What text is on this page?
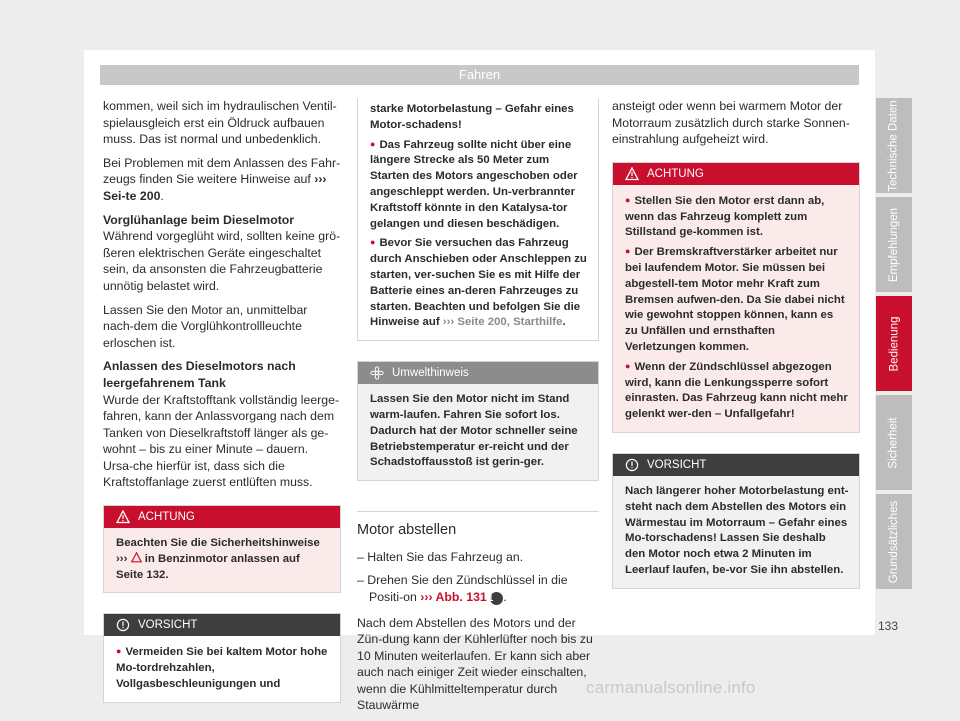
Fahren

kommen, weil sich im hydraulischen Ventil-spielausgleich erst ein Öldruck aufbauen muss. Das ist normal und unbedenklich.

Bei Problemen mit dem Anlassen des Fahr-zeugs finden Sie weitere Hinweise auf ››› Sei-te 200.

Vorglühanlage beim Dieselmotor

Während vorgeglüht wird, sollten keine grö-ßeren elektrischen Geräte eingeschaltet sein, da ansonsten die Fahrzeugbatterie unnötig belastet wird.

Lassen Sie den Motor an, unmittelbar nach-dem die Vorglühkontrollleuchte erloschen ist.

Anlassen des Dieselmotors nach leergefahrenem Tank

Wurde der Kraftstofftank vollständig leerge-fahren, kann der Anlassvorgang nach dem Tanken von Dieselkraftstoff länger als ge-wohnt – bis zu einer Minute – dauern. Ursa-che hierfür ist, dass sich die Kraftstoffanlage zuerst entlüften muss.

ACHTUNG

Beachten Sie die Sicherheitshinweise ›››  in Benzinmotor anlassen auf Seite 132.

VORSICHT

● Vermeiden Sie bei kaltem Motor hohe Mo-tordrehzahlen, Vollgasbeschleunigungen und

starke Motorbelastung – Gefahr eines Motor-schadens!

● Das Fahrzeug sollte nicht über eine längere Strecke als 50 Meter zum Starten des Motors angeschoben oder angeschleppt werden. Un-verbrannter Kraftstoff könnte in den Katalysa-tor gelangen und diesen beschädigen.

● Bevor Sie versuchen das Fahrzeug durch Anschieben oder Anschleppen zu starten, ver-suchen Sie es mit Hilfe der Batterie eines an-deren Fahrzeuges zu starten. Beachten und befolgen Sie die Hinweise auf ››› Seite 200, Starthilfe.

Umwelthinweis

Lassen Sie den Motor nicht im Stand warm-laufen. Fahren Sie sofort los. Dadurch hat der Motor schneller seine Betriebstemperatur er-reicht und der Schadstoffausstoß ist gerin-ger.

Motor abstellen

– Halten Sie das Fahrzeug an.

– Drehen Sie den Zündschlüssel in die Positi-on ››› Abb. 131 1 .

Nach dem Abstellen des Motors und der Zün-dung kann der Kühlerlüfter noch bis zu 10 Minuten weiterlaufen. Er kann sich aber auch nach einiger Zeit wieder einschalten, wenn die Kühlmitteltemperatur durch Stauwärme

ansteigt oder wenn bei warmem Motor der Motorraum zusätzlich durch starke Sonnen-einstrahlung aufgeheizt wird.

ACHTUNG

● Stellen Sie den Motor erst dann ab, wenn das Fahrzeug komplett zum Stillstand ge-kommen ist.

● Der Bremskraftverstärker arbeitet nur bei laufendem Motor. Sie müssen bei abgestell-tem Motor mehr Kraft zum Bremsen aufwen-den. Da Sie dabei nicht wie gewohnt stoppen können, kann es zu Unfällen und ernsthaften Verletzungen kommen.

● Wenn der Zündschlüssel abgezogen wird, kann die Lenkungssperre sofort einrasten. Das Fahrzeug kann nicht mehr gelenkt wer-den – Unfallgefahr!

VORSICHT

Nach längerer hoher Motorbelastung ent-steht nach dem Abstellen des Motors ein Wärmestau im Motorraum – Gefahr eines Mo-torschadens! Lassen Sie deshalb den Motor noch etwa 2 Minuten im Leerlauf laufen, be-vor Sie ihn abstellen.

Technische Daten
Empfehlungen
Bedienung
Sicherheit
Grundsätzliches
133
carmanualsonline.info
